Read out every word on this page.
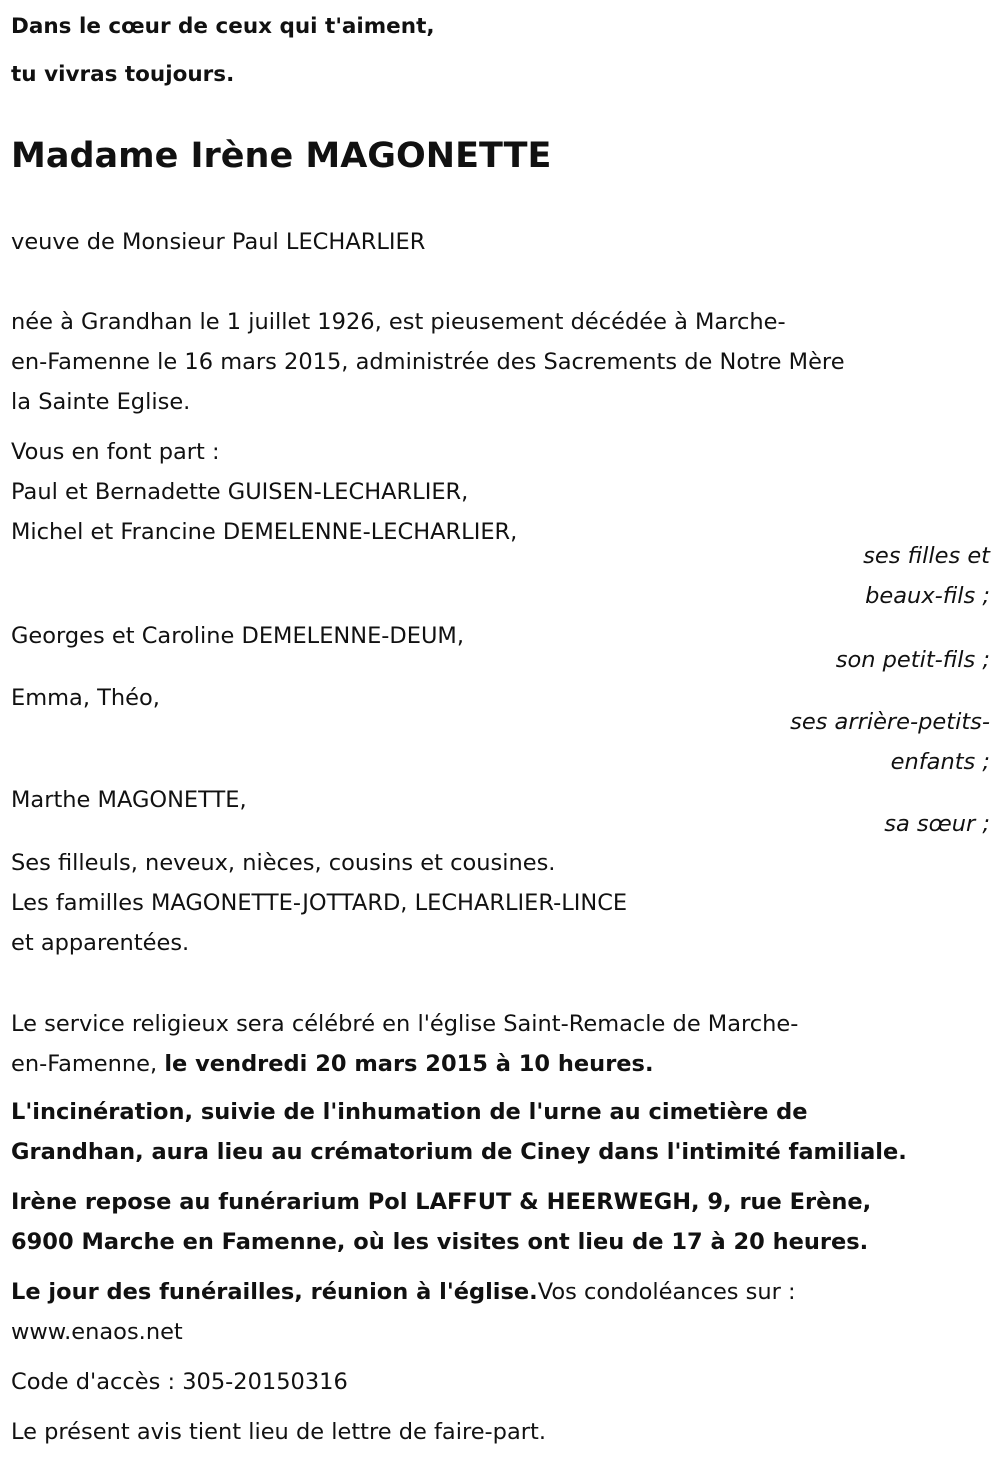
Dans le cœur de ceux qui t'aiment,
tu vivras toujours.
Madame Irène MAGONETTE
veuve de Monsieur Paul LECHARLIER
née à Grandhan le 1 juillet 1926, est pieusement décédée à Marche-
en-Famenne le 16 mars 2015, administrée des Sacrements de Notre Mère
la Sainte Eglise.
Vous en font part :
Paul et Bernadette GUISEN-LECHARLIER,
Michel et Francine DEMELENNE-LECHARLIER,
ses filles et
beaux-fils ;
Georges et Caroline DEMELENNE-DEUM,
son petit-fils ;
Emma, Théo,
ses arrière-petits-
enfants ;
Marthe MAGONETTE,
sa sœur ;
Ses filleuls, neveux, nièces, cousins et cousines.
Les familles MAGONETTE-JOTTARD, LECHARLIER-LINCE
et apparentées.
Le service religieux sera célébré en l'église Saint-Remacle de Marche-
en-Famenne, le vendredi 20 mars 2015 à 10 heures.
L'incinération, suivie de l'inhumation de l'urne au cimetière de
Grandhan, aura lieu au crématorium de Ciney dans l'intimité familiale.
Irène repose au funérarium Pol LAFFUT & HEERWEGH, 9, rue Erène,
6900 Marche en Famenne, où les visites ont lieu de 17 à 20 heures.
Le jour des funérailles, réunion à l'église.Vos condoléances sur :
www.enaos.net
Code d'accès : 305-20150316
Le présent avis tient lieu de lettre de faire-part.
